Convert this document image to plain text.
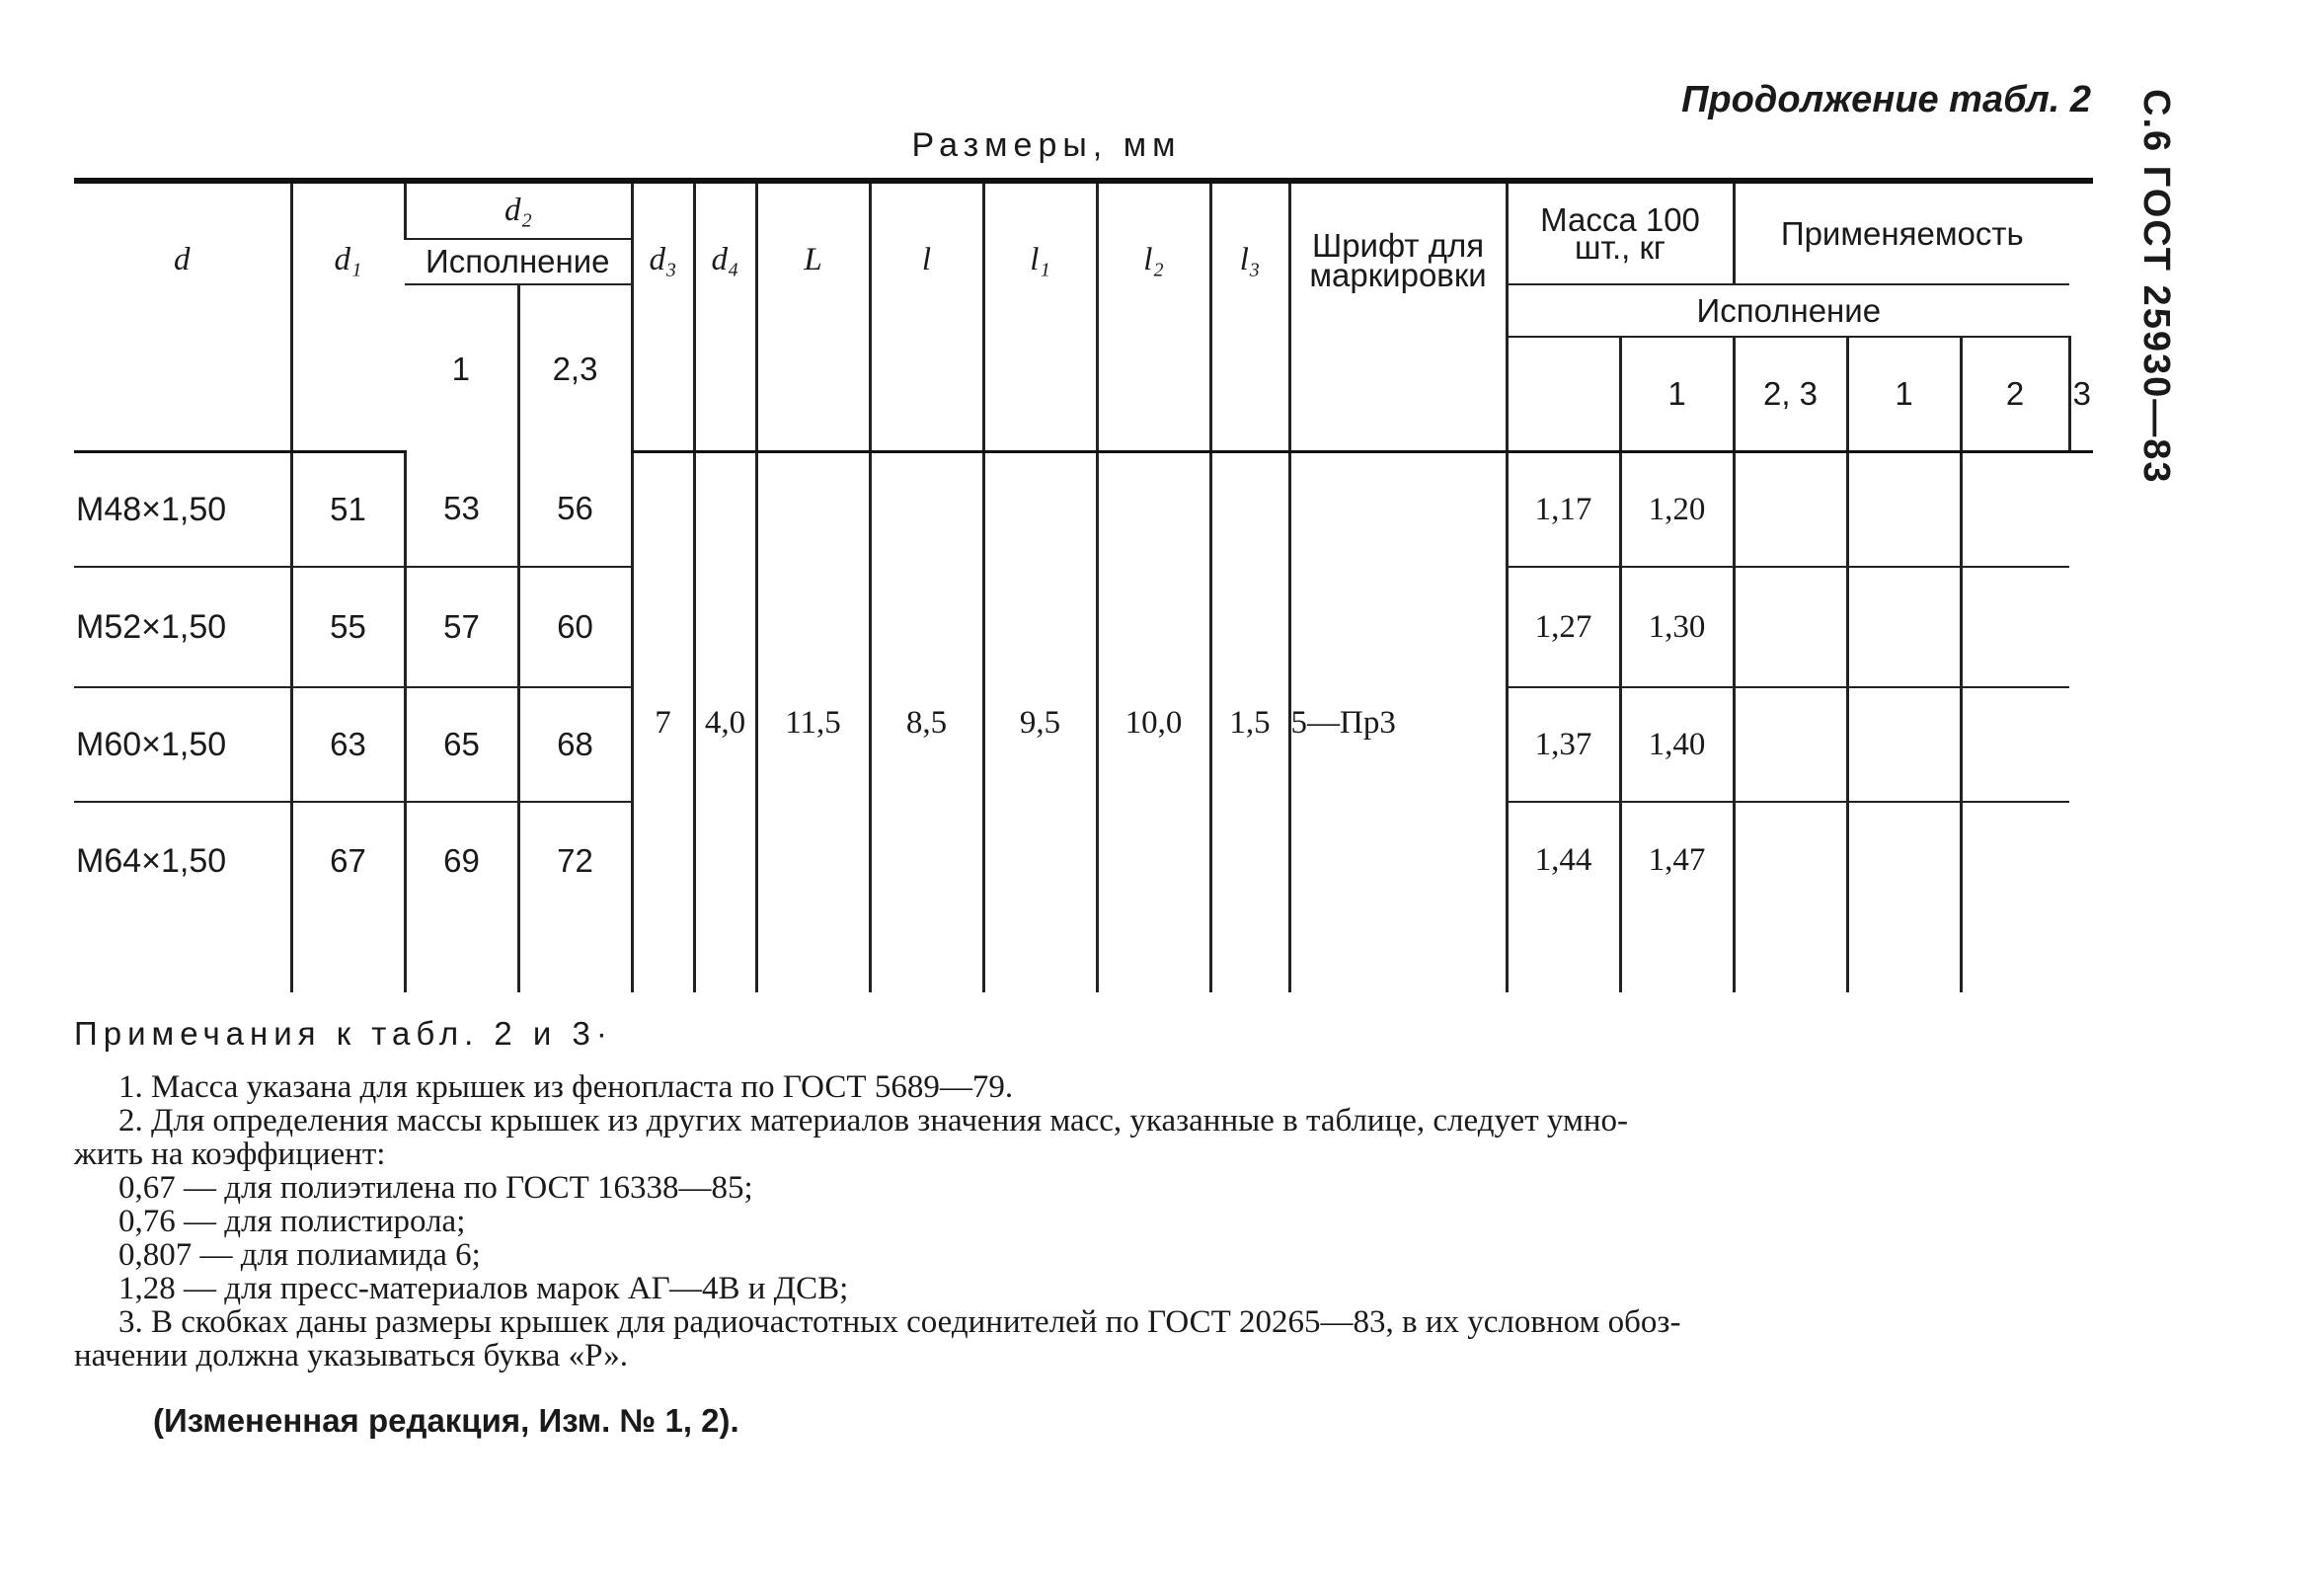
С.6 ГОСТ 25930—83
Продолжение табл. 2
Размеры, мм
d	d₁	d₂		d₃	d₄	L	l	l₁	l₂	l₃	Шрифт для маркировки	Масса 100 шт., кг		Применяемость			
		Исполнение															
		1	2,3									Исполнение					
													1	2, 3	1	2	3
М48×1,50	51	53	56	7	4,0	11,5	8,5	9,5	10,0	1,5	5—Пр3	1,17	1,20				
М52×1,50	55	57	60									1,27	1,30				
М60×1,50	63	65	68									1,37	1,40				
М64×1,50	67	69	72									1,44	1,47				

Примечания к табл. 2 и 3·

1. Масса указана для крышек из фенопласта по ГОСТ 5689—79.

2. Для определения массы крышек из других материалов значения масс, указанные в таблице, следует умно-

жить на коэффициент:

0,67 — для полиэтилена по ГОСТ 16338—85;

0,76 — для полистирола;

0,807 — для полиамида 6;

1,28 — для пресс-материалов марок АГ—4В и ДСВ;

3. В скобках даны размеры крышек для радиочастотных соединителей по ГОСТ 20265—83, в их условном обоз-

начении должна указываться буква «Р».

(Измененная редакция, Изм. № 1, 2).
